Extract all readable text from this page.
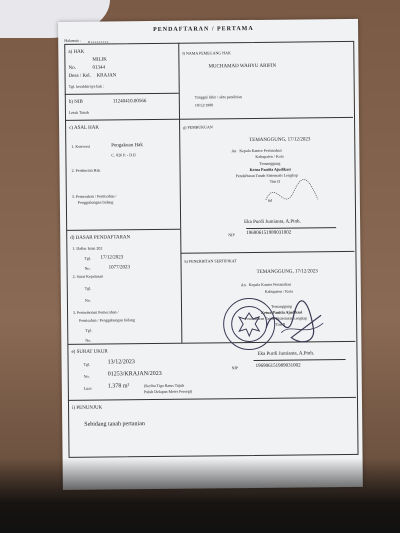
PENDAFTARAN / PERTAMA
Halaman :
a) HAK
MILIK
No.	01344
Desa / Kel. KRAJAN
Tgl. berakhirnya hak :
f) NAMA PEMEGANG HAK
MUCHAMAD WAHYU ARIFIN
Tanggal lahir / akta pendirian
18/12/1988
b) NIB	11240410.00566
Letak Tanah
c) ASAL HAK
1. Konversi	Pengakuan Hak
C. 826 P. - D.II
2. Pemberian Hak
3. Pemecahan / Pemisahan /
Penggabungan bidang
g) PEMBUKUAN
TEMANGGUNG, 17/12/2023
An. Kepala Kantor Pertanahan
Kabupaten / Kota
Temanggung
Ketua Panitia Ajudikasi
Pendaftaran Tanah Sistematis Lengkap
Tim II
ttd
Eka Purdi Jumianta, A.Ptnh.
NIP 196906151989031002
d) DASAR PENDAFTARAN
1. Daftar Isian 202
Tgl. 17/12/2023
No.	1077/2023
2. Surat Keputusan
Tgl.
No.
3. Permohonan Pemecahan /
Pemisahan / Penggabungan bidang
Tgl.
No.
h) PENERBITAN SERTIPIKAT
TEMANGGUNG, 17/12/2023
An. Kepala Kantor Pertanahan
Kabupaten / Kota
Temanggung
Ketua Panitia Ajudikasi
Pendaftaran Tanah Sistematis Lengkap
Tim II
Eka Purdi Jumianta, A.Ptnh.
NIP	196906151989031002
e) SURAT UKUR
Tgl.	13/12/2023
No.	01253/KRAJAN/2023
Luas	1.378 m²	(Seribu Tiga Ratus Tujuh
Puluh Delapan Meter Persegi)
i) PENUNJUK
Sebidang tanah pertanian
